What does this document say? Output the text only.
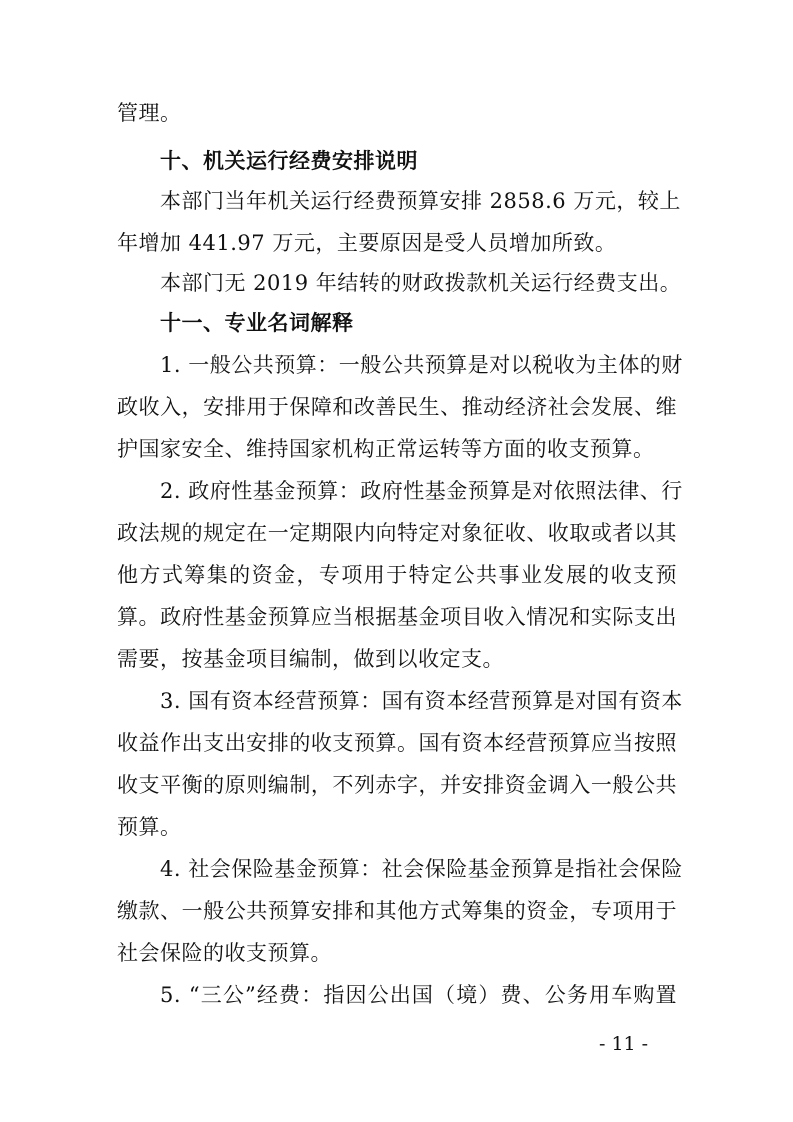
管理。
十、机关运行经费安排说明
本部门当年机关运行经费预算安排 2858.6 万元，较上
年增加 441.97 万元，主要原因是受人员增加所致。
本部门无 2019 年结转的财政拨款机关运行经费支出。
十一、专业名词解释
1. 一般公共预算：一般公共预算是对以税收为主体的财
政收入，安排用于保障和改善民生、推动经济社会发展、维
护国家安全、维持国家机构正常运转等方面的收支预算。
2. 政府性基金预算：政府性基金预算是对依照法律、行
政法规的规定在一定期限内向特定对象征收、收取或者以其
他方式筹集的资金，专项用于特定公共事业发展的收支预
算。政府性基金预算应当根据基金项目收入情况和实际支出
需要，按基金项目编制，做到以收定支。
3. 国有资本经营预算：国有资本经营预算是对国有资本
收益作出支出安排的收支预算。国有资本经营预算应当按照
收支平衡的原则编制，不列赤字，并安排资金调入一般公共
预算。
4. 社会保险基金预算：社会保险基金预算是指社会保险
缴款、一般公共预算安排和其他方式筹集的资金，专项用于
社会保险的收支预算。
5. “三公”经费：指因公出国（境）费、公务用车购置
- 11 -
